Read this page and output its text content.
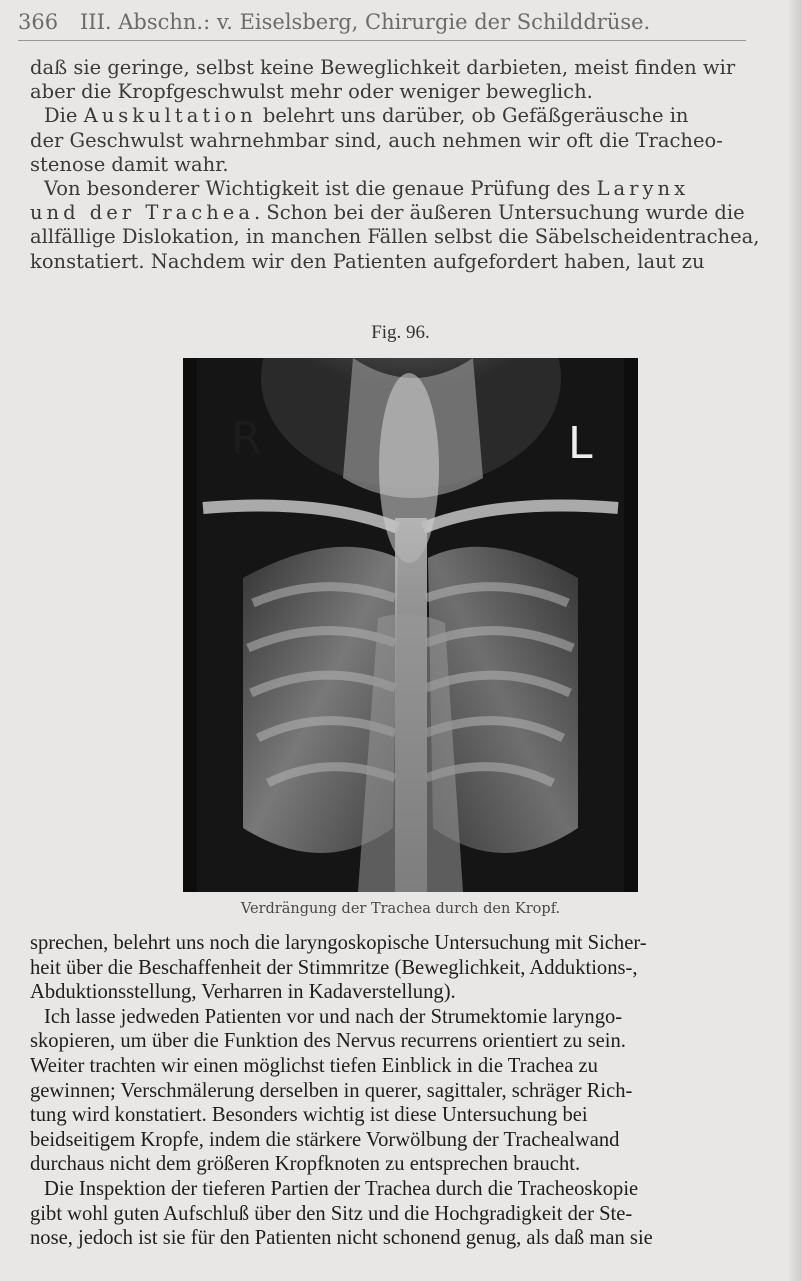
366 III. Abschn.: v. Eiselsberg, Chirurgie der Schilddrüse.
daß sie geringe, selbst keine Beweglichkeit darbieten, meist finden wir
aber die Kropfgeschwulst mehr oder weniger beweglich.
Die Auskultation belehrt uns darüber, ob Gefäßgeräusche in
der Geschwulst wahrnehmbar sind, auch nehmen wir oft die Tracheo-
stenose damit wahr.
Von besonderer Wichtigkeit ist die genaue Prüfung des Larynx
und der Trachea. Schon bei der äußeren Untersuchung wurde die
allfällige Dislokation, in manchen Fällen selbst die Säbelscheidentrachea,
konstatiert. Nachdem wir den Patienten aufgefordert haben, laut zu
Fig. 96.
R	L
Verdrängung der Trachea durch den Kropf.
sprechen, belehrt uns noch die laryngoskopische Untersuchung mit Sicher-
heit über die Beschaffenheit der Stimmritze (Beweglichkeit, Adduktions-,
Abduktionsstellung, Verharren in Kadaverstellung).
Ich lasse jedweden Patienten vor und nach der Strumektomie laryngo-
skopieren, um über die Funktion des Nervus recurrens orientiert zu sein.
Weiter trachten wir einen möglichst tiefen Einblick in die Trachea zu
gewinnen; Verschmälerung derselben in querer, sagittaler, schräger Rich-
tung wird konstatiert. Besonders wichtig ist diese Untersuchung bei
beidseitigem Kropfe, indem die stärkere Vorwölbung der Trachealwand
durchaus nicht dem größeren Kropfknoten zu entsprechen braucht.
Die Inspektion der tieferen Partien der Trachea durch die Tracheoskopie
gibt wohl guten Aufschluß über den Sitz und die Hochgradigkeit der Ste-
nose, jedoch ist sie für den Patienten nicht schonend genug, als daß man sie
